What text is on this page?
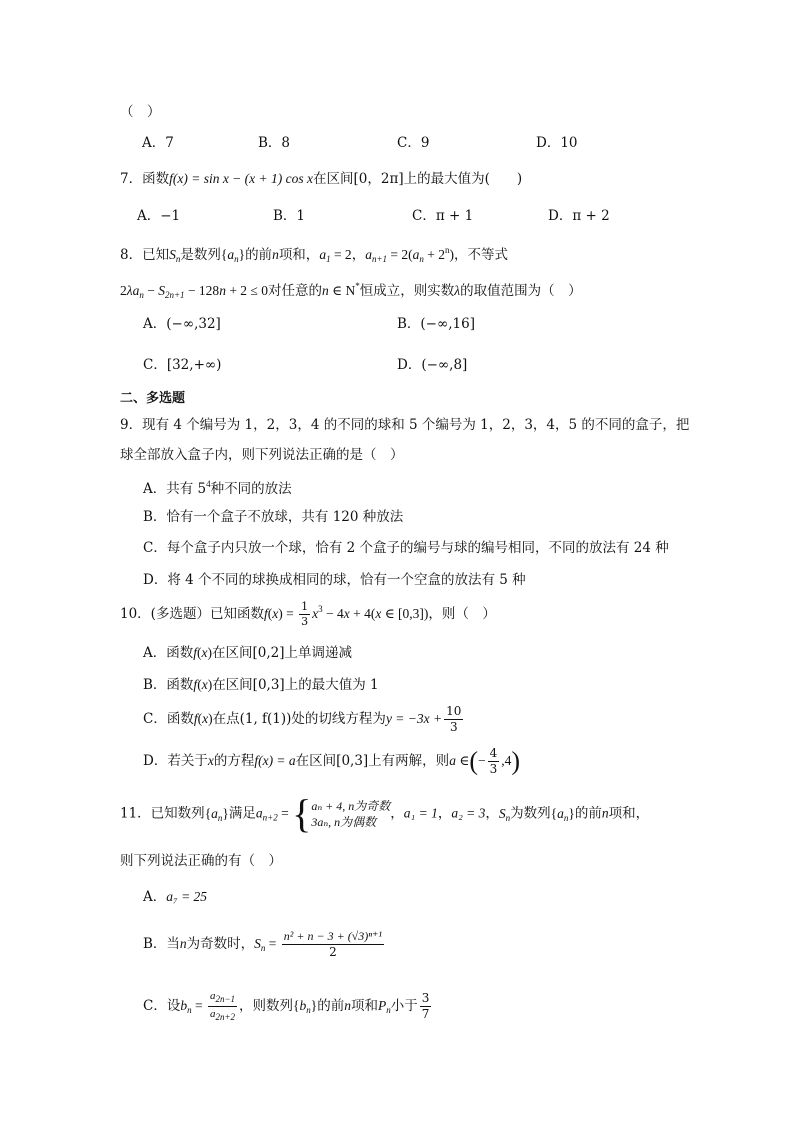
（　）
A．7	B．8	C．9	D．10
7．函数f(x) = sin x − (x + 1) cos x在区间[0，2π]上的最大值为(　　)
A．−1	B．1	C．π + 1	D．π + 2
8．已知$S_n$是数列$\{a_n\}$的前n项和，$a_1 = 2$，$a_{n+1} = 2(a_n + 2^n)$，不等式
$2\lambda a_n - S_{2n+1} - 128n + 2 \le 0$对任意的n ∈ N*恒成立，则实数λ的取值范围为（　）
A．(−∞,32]	B．(−∞,16]
C．[32,+∞)	D．(−∞,8]
二、多选题
9．现有 4 个编号为 1，2，3，4 的不同的球和 5 个编号为 1，2，3，4，5 的不同的盒子，把
球全部放入盒子内，则下列说法正确的是（　）
A．共有 $5^4$种不同的放法
B．恰有一个盒子不放球，共有 120 种放法
C．每个盒子内只放一个球，恰有 2 个盒子的编号与球的编号相同，不同的放法有 24 种
D．将 4 个不同的球换成相同的球，恰有一个空盒的放法有 5 种
10．(多选题）已知函数$f(x) = \frac{1}{3} x^3 - 4x + 4(x$ ∈ [0,3])，则（　）
A．函数f(x)在区间[0,2]上单调递减
B．函数f(x)在区间[0,3]上的最大值为 1
C．函数f(x)在点(1, f(1))处的切线方程为$y = -3x + \frac{10}{3}$
D．若关于x的方程f(x) = a在区间[0,3]上有两解，则a ∈(− $\frac{4}{3} ,4$)
11．已知数列$\{a_n\}$满足$a_{n+2}$ = { aₙ + 4, n为奇数
3aₙ, n为偶数
，a₁ = 1，a₂ = 3，$S_n$为数列$\{a_n\}$的前n项和，
则下列说法正确的有（　）
A．a₇ = 25
B．当n为奇数时，$S_n = \frac{\text{n² + n − 3 + (√3)ⁿ⁺¹}}{2}$
C．设$b_n = \frac{a_{2n-1}}{a_{2n+2}}$ ，则数列$\{b_n\}$的前n项和$P_n$小于 $\frac{3}{7}$
